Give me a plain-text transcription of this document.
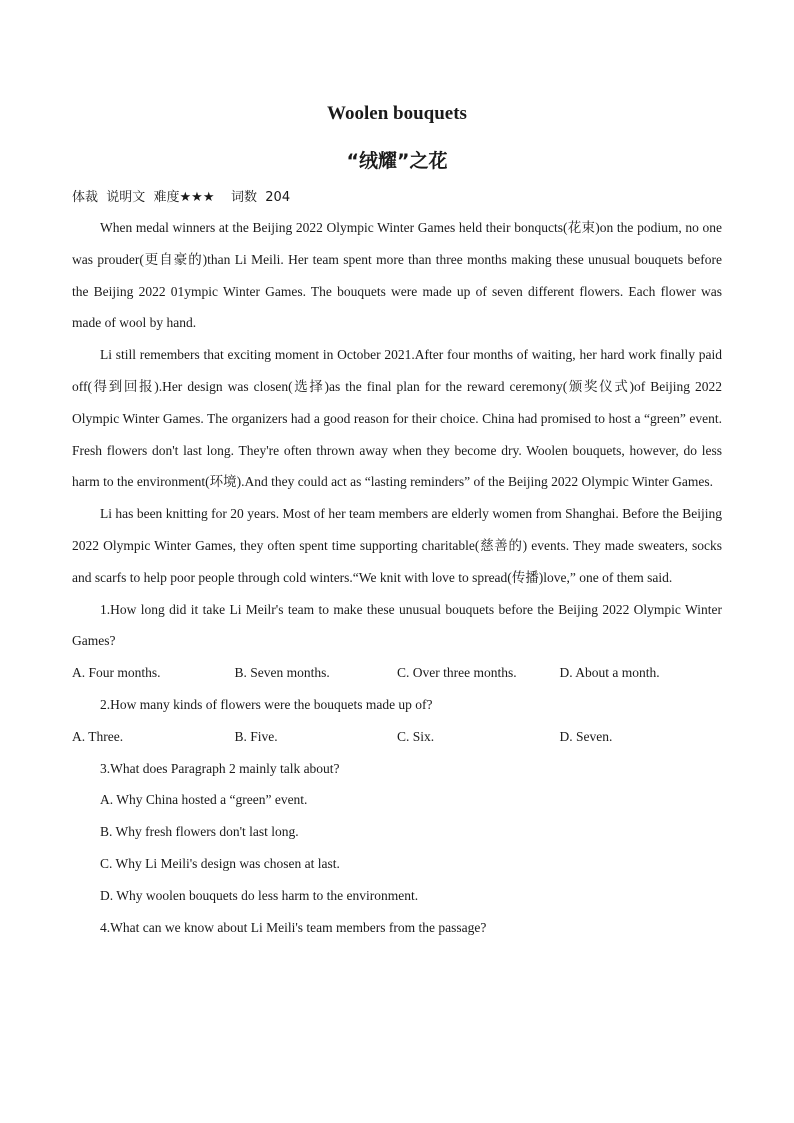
Woolen bouquets
“绒耀”之花
体裁  说明文  难度★★★    词数  204

When medal winners at the Beijing 2022 Olympic Winter Games held their bonqucts(花束)on the podium, no one was prouder(更自豪的)than Li Meili. Her team spent more than three months making these unusual bouquets before the Beijing 2022 01ympic Winter Games. The bouquets were made up of seven different flowers. Each flower was made of wool by hand.

Li still remembers that exciting moment in October 2021.After four months of waiting, her hard work finally paid off(得到回报).Her design was closen(选择)as the final plan for the reward ceremony(颁奖仪式)of Beijing 2022 Olympic Winter Games. The organizers had a good reason for their choice. China had promised to host a “green” event. Fresh flowers don't last long. They're often thrown away when they become dry. Woolen bouquets, however, do less harm to the environment(环境).And they could act as “lasting reminders” of the Beijing 2022 Olympic Winter Games.

Li has been knitting for 20 years. Most of her team members are elderly women from Shanghai. Before the Beijing 2022 Olympic Winter Games, they often spent time supporting charitable(慈善的) events. They made sweaters, socks and scarfs to help poor people through cold winters.“We knit with love to spread(传播)love,” one of them said.

1.How long did it take Li Meilr's team to make these unusual bouquets before the Beijing 2022 Olympic Winter Games?

A. Four months.	B. Seven months.	C. Over three months.	D. About a month.

2.How many kinds of flowers were the bouquets made up of?

A. Three.	B. Five.	C. Six.	D. Seven.

3.What does Paragraph 2 mainly talk about?

A. Why China hosted a “green” event.

B. Why fresh flowers don't last long.

C. Why Li Meili's design was chosen at last.

D. Why woolen bouquets do less harm to the environment.

4.What can we know about Li Meili's team members from the passage?
